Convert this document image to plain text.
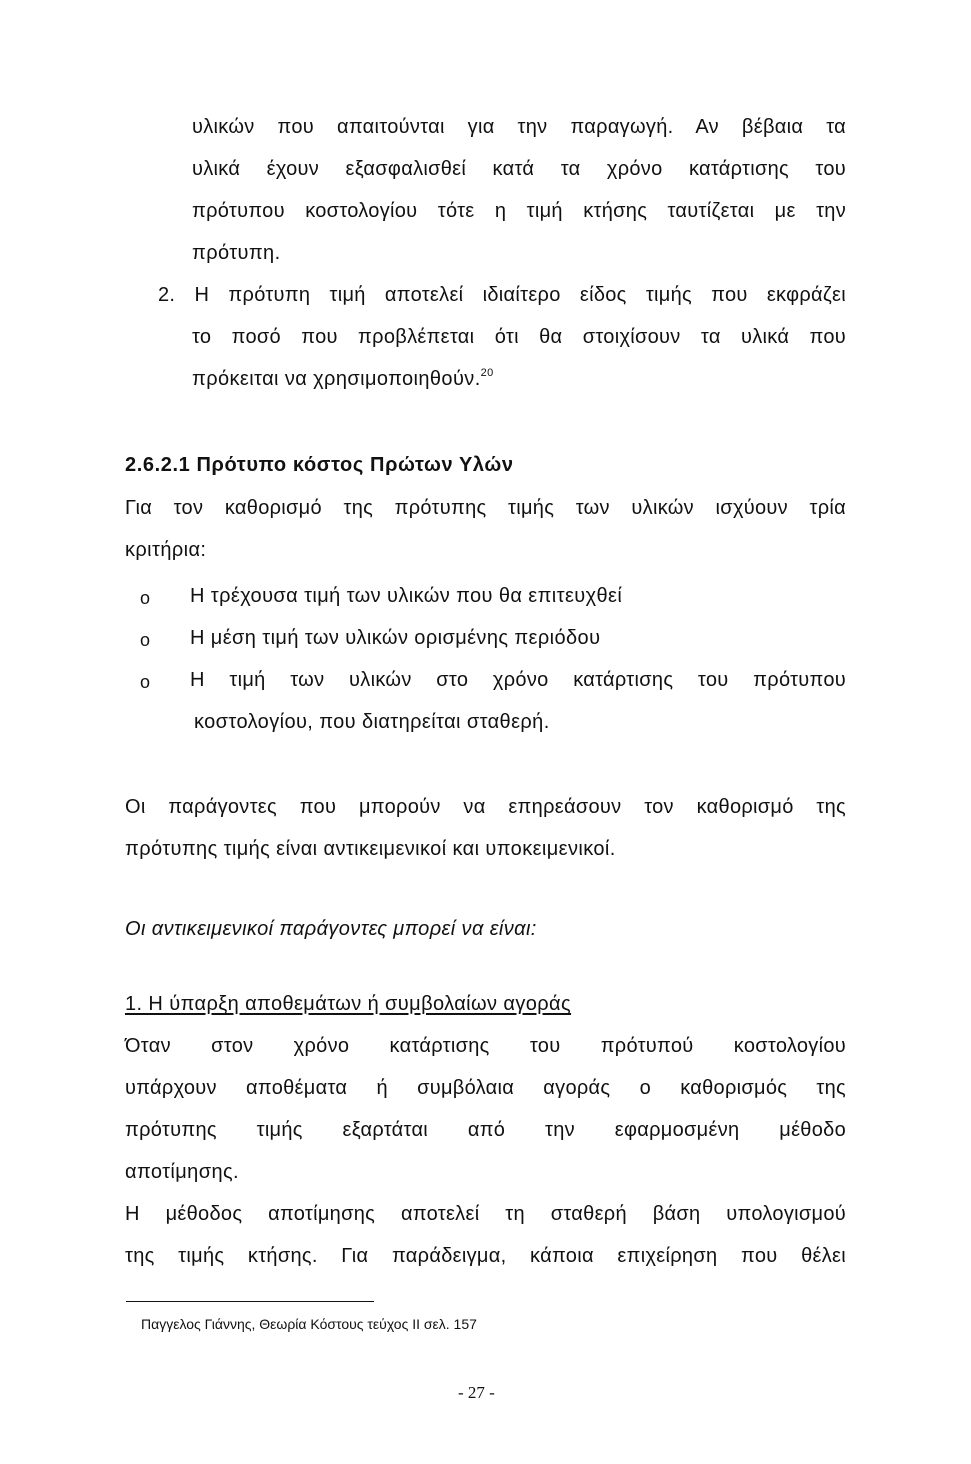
υλικών που απαιτούνται για την παραγωγή. Αν βέβαια τα
υλικά έχουν εξασφαλισθεί κατά τα χρόνο κατάρτισης του
πρότυπου κοστολογίου τότε η τιμή κτήσης ταυτίζεται με την
πρότυπη.
2. Η πρότυπη τιμή αποτελεί ιδιαίτερο είδος τιμής που εκφράζει
το ποσό που προβλέπεται ότι θα στοιχίσουν τα υλικά που
πρόκειται να χρησιμοποιηθούν.$^{20}$
2.6.2.1 Πρότυπο κόστος Πρώτων Υλών
Για τον καθορισμό της πρότυπης τιμής των υλικών ισχύουν τρία
κριτήρια:
o Η τρέχουσα τιμή των υλικών που θα επιτευχθεί
o Η μέση τιμή των υλικών ορισμένης περιόδου
o Η τιμή των υλικών στο χρόνο κατάρτισης του πρότυπου
κοστολογίου, που διατηρείται σταθερή.
Οι παράγοντες που μπορούν να επηρεάσουν τον καθορισμό της
πρότυπης τιμής είναι αντικειμενικοί και υποκειμενικοί.
Οι αντικειμενικοί παράγοντες μπορεί να είναι:
1. Η ύπαρξη αποθεμάτων ή συμβολαίων αγοράς
Όταν στον χρόνο κατάρτισης του πρότυπού κοστολογίου
υπάρχουν αποθέματα ή συμβόλαια αγοράς ο καθορισμός της
πρότυπης τιμής εξαρτάται από την εφαρμοσμένη μέθοδο
αποτίμησης.
Η μέθοδος αποτίμησης αποτελεί τη σταθερή βάση υπολογισμού
της τιμής κτήσης. Για παράδειγμα, κάποια επιχείρηση που θέλει
Παγγελος Γιάννης, Θεωρία Κόστους τεύχος ΙΙ σελ. 157
- 27 -
